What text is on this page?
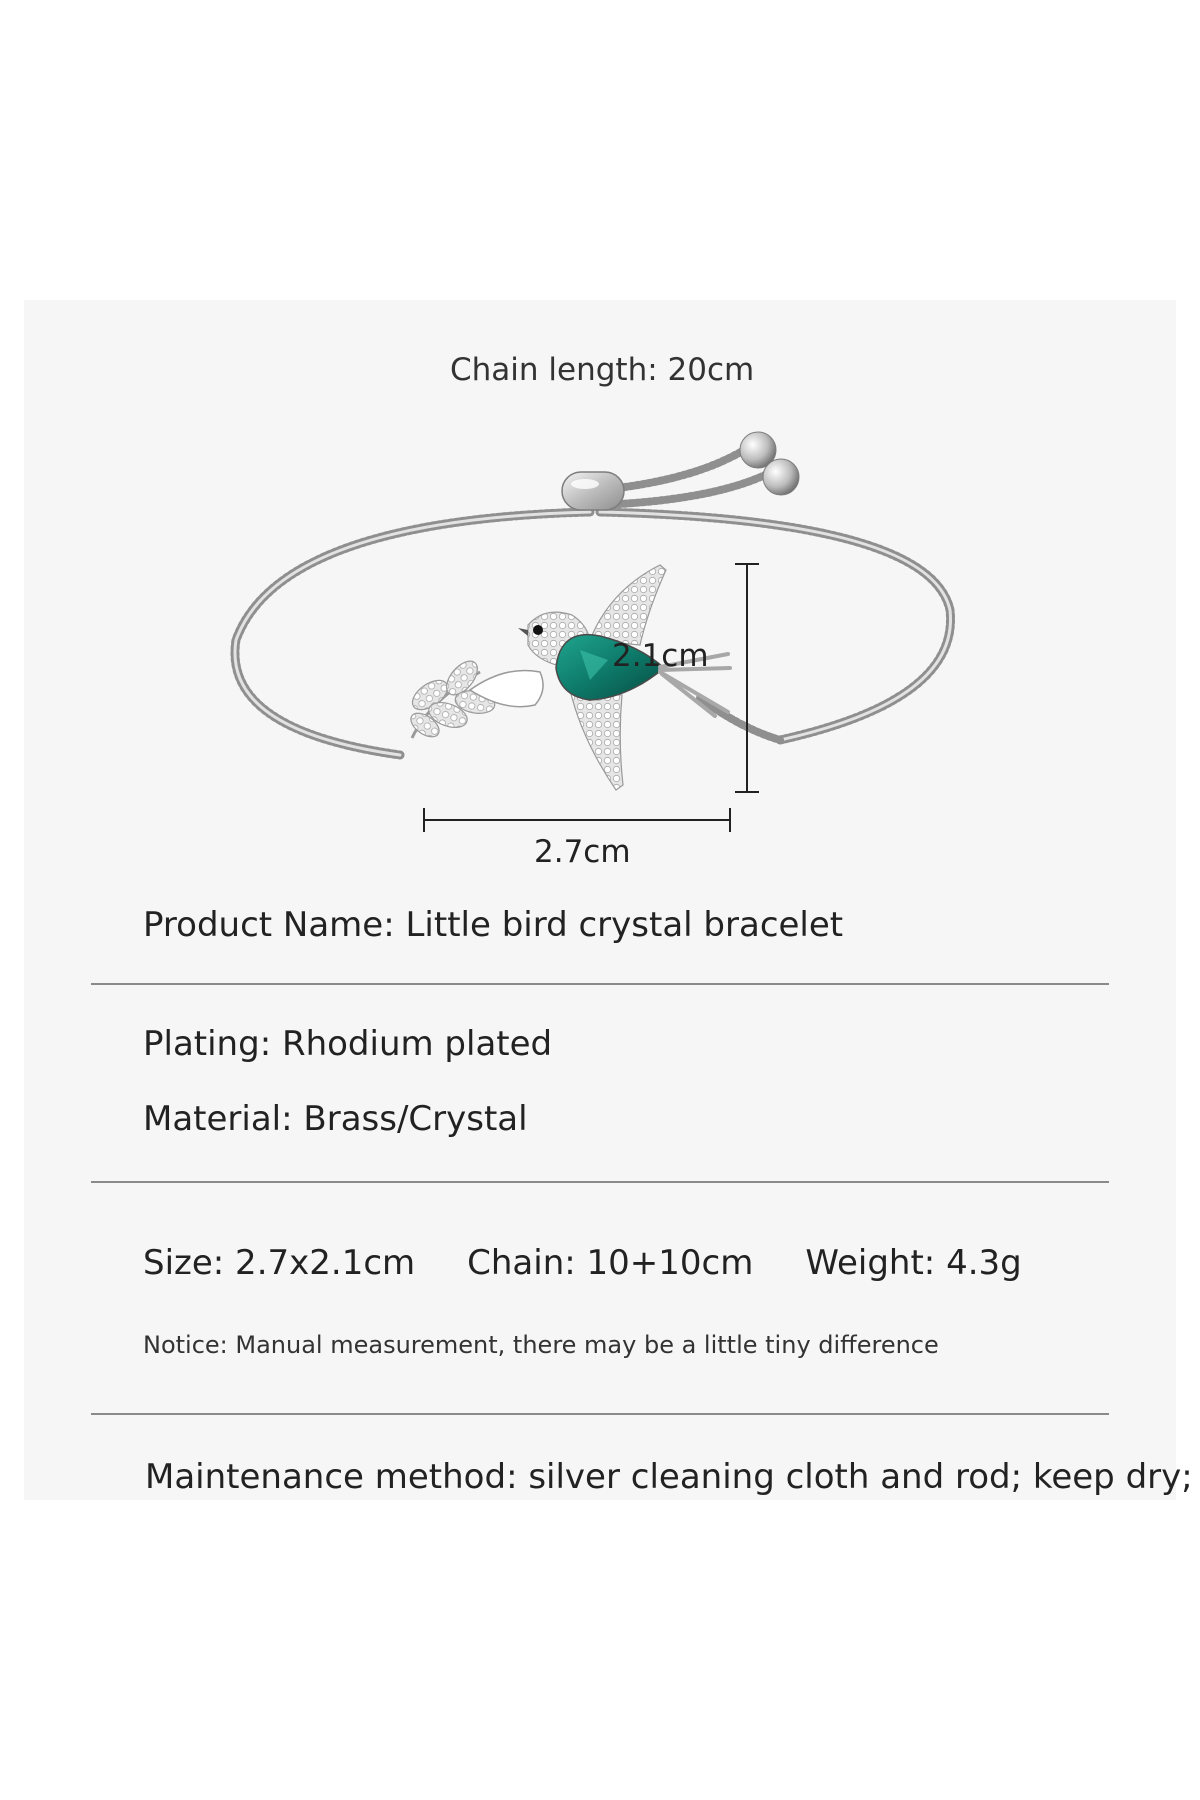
Chain length: 20cm
2.1cm
2.7cm
Product Name: Little bird crystal bracelet
Plating: Rhodium plated
Material: Brass/Crystal
Size: 2.7x2.1cm Chain: 10+10cm Weight: 4.3g
Notice: Manual measurement, there may be a little tiny difference
Maintenance method: silver cleaning cloth and rod; keep dry;
